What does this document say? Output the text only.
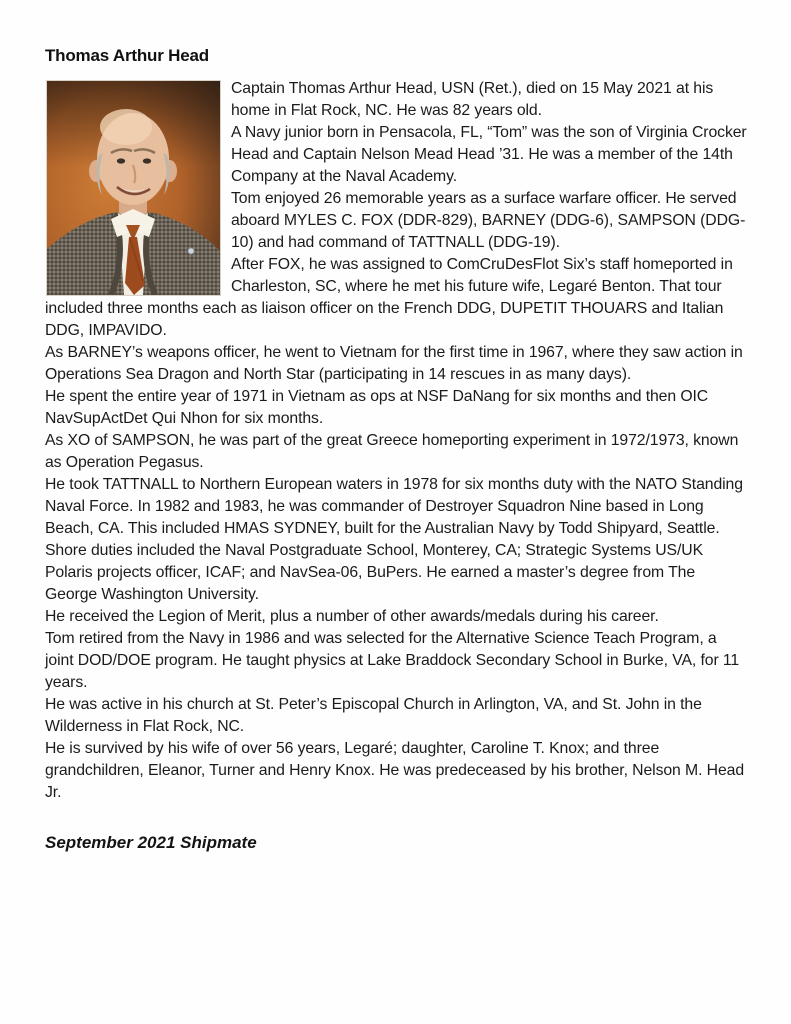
Thomas Arthur Head

Captain Thomas Arthur Head, USN (Ret.), died on 15 May 2021 at his home in Flat Rock, NC. He was 82 years old.

A Navy junior born in Pensacola, FL, “Tom” was the son of Virginia Crocker Head and Captain Nelson Mead Head ’31. He was a member of the 14th Company at the Naval Academy.

Tom enjoyed 26 memorable years as a surface warfare officer. He served aboard MYLES C. FOX (DDR-829), BARNEY (DDG-6), SAMPSON (DDG-10) and had command of TATTNALL (DDG-19).

After FOX, he was assigned to ComCruDesFlot Six’s staff homeported in Charleston, SC, where he met his future wife, Legaré Benton. That tour included three months each as liaison officer on the French DDG, DUPETIT THOUARS and Italian DDG, IMPAVIDO.

As BARNEY’s weapons officer, he went to Vietnam for the first time in 1967, where they saw action in Operations Sea Dragon and North Star (participating in 14 rescues in as many days).

He spent the entire year of 1971 in Vietnam as ops at NSF DaNang for six months and then OIC NavSupActDet Qui Nhon for six months.

As XO of SAMPSON, he was part of the great Greece homeporting experiment in 1972/1973, known as Operation Pegasus.

He took TATTNALL to Northern European waters in 1978 for six months duty with the NATO Standing Naval Force. In 1982 and 1983, he was commander of Destroyer Squadron Nine based in Long Beach, CA. This included HMAS SYDNEY, built for the Australian Navy by Todd Shipyard, Seattle.

Shore duties included the Naval Postgraduate School, Monterey, CA; Strategic Systems US/UK Polaris projects officer, ICAF; and NavSea-06, BuPers. He earned a master’s degree from The George Washington University.

He received the Legion of Merit, plus a number of other awards/medals during his career.

Tom retired from the Navy in 1986 and was selected for the Alternative Science Teach Program, a joint DOD/DOE program. He taught physics at Lake Braddock Secondary School in Burke, VA, for 11 years.

He was active in his church at St. Peter’s Episcopal Church in Arlington, VA, and St. John in the Wilderness in Flat Rock, NC.

He is survived by his wife of over 56 years, Legaré; daughter, Caroline T. Knox; and three grandchildren, Eleanor, Turner and Henry Knox. He was predeceased by his brother, Nelson M. Head Jr.

September 2021 Shipmate
